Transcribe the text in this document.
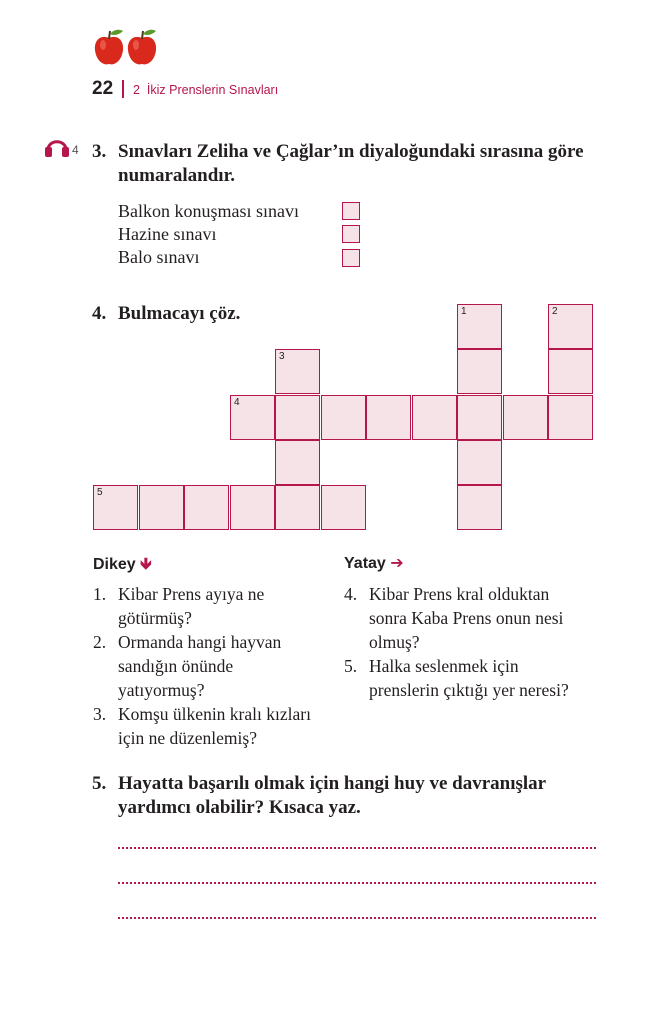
22 2  İkiz Prenslerin Sınavları
4 3. Sınavları Zeliha ve Çağlar’ın diyaloğundaki sırasına göre
numaralandır.
Balkon konuşması sınavı
Hazine sınavı
Balo sınavı
4. Bulmacayı çöz.	1	2
3
4
5
Dikey 🡻
1. Kibar Prens ayıya ne
götürmüş?
2. Ormanda hangi hayvan
sandığın önünde
yatıyormuş?
3. Komşu ülkenin kralı kızları
için ne düzenlemiş?
Yatay ➔
4. Kibar Prens kral olduktan
sonra Kaba Prens onun nesi
olmuş?
5. Halka seslenmek için
prenslerin çıktığı yer neresi?
5. Hayatta başarılı olmak için hangi huy ve davranışlar
yardımcı olabilir? Kısaca yaz.
